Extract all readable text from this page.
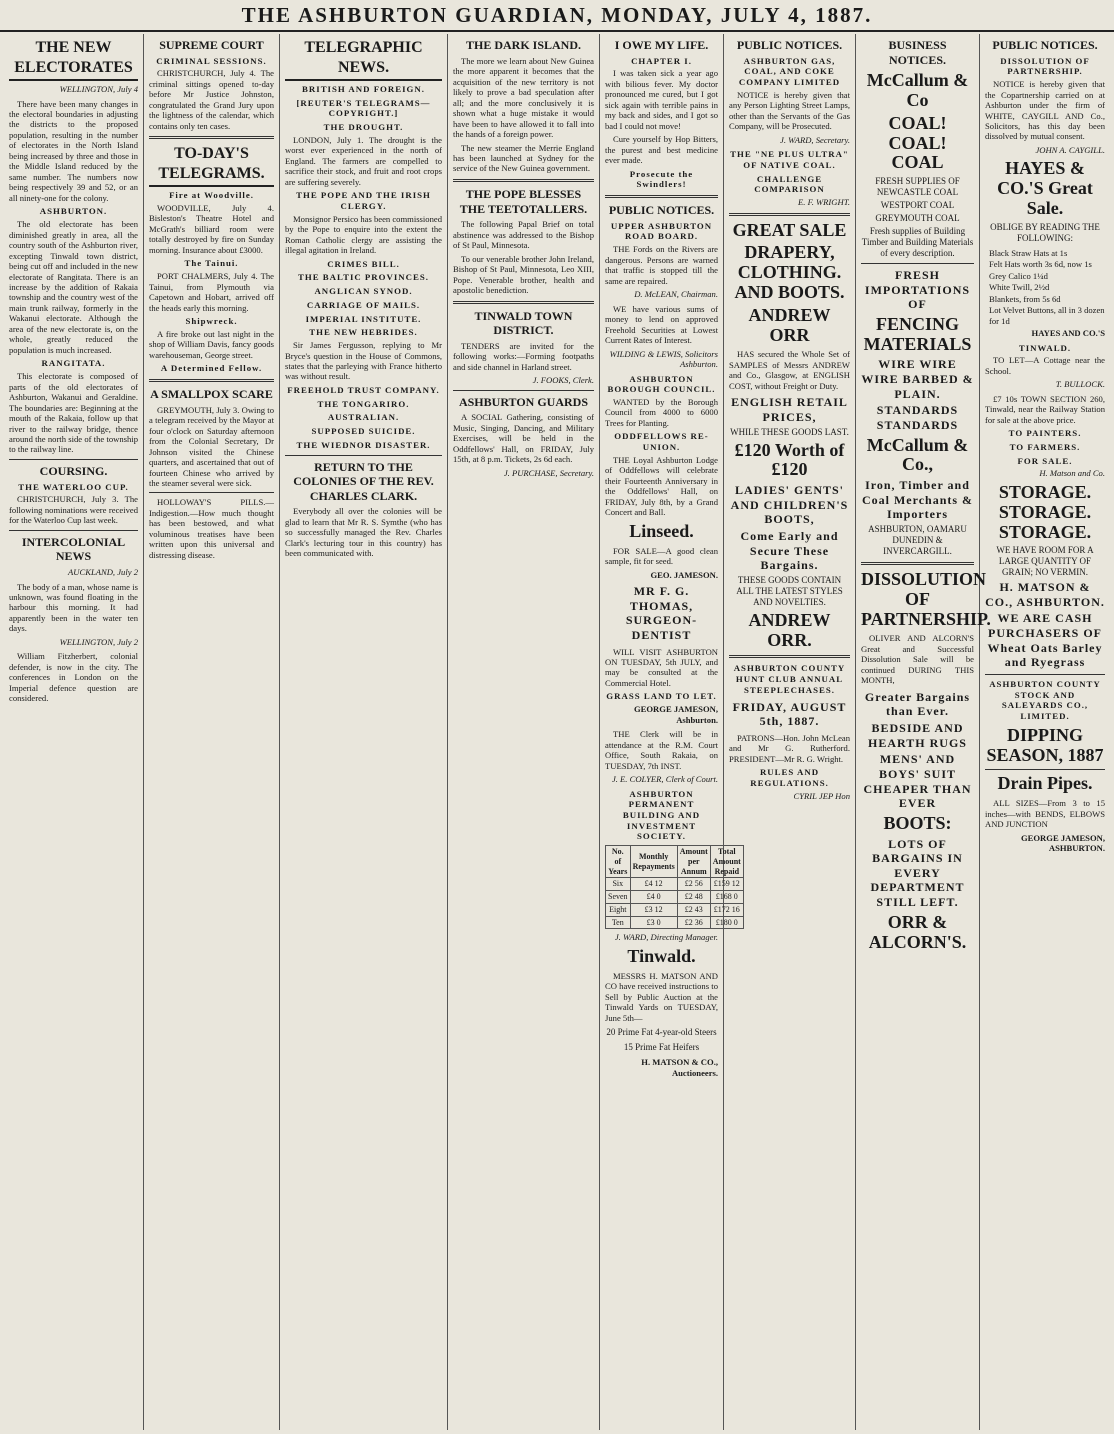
THE ASHBURTON GUARDIAN, MONDAY, JULY 4, 1887.
THE NEW ELECTORATES
WELLINGTON, July 4

There have been many changes in the electoral boundaries in adjusting the districts to the proposed population, resulting in the number of electorates in the North Island being increased by three and those in the Middle Island reduced by the same number. The numbers now being respectively 39 and 52, or an all ninety-one for the colony.

ASHBURTON.

The old electorate has been diminished greatly in area, all the country south of the Ashburton river, excepting Tinwald town district, being cut off and included in the new electorate of Rangitata. There is an increase by the addition of Rakaia township and the country west of the main trunk railway, formerly in the Wakanui electorate. Although the area of the new electorate is, on the whole, greatly reduced the population is much increased.

RANGITATA.

This electorate is composed of parts of the old electorates of Ashburton, Wakanui and Geraldine. The boundaries are: Beginning at the mouth of the Rakaia, follow up that river to the railway bridge, thence around the north side of the township to the railway line.

COURSING.
THE WATERLOO CUP.

CHRISTCHURCH, July 3. The following nominations were received for the Waterloo Cup last week.

INTERCOLONIAL NEWS
AUCKLAND, July 2

The body of a man, whose name is unknown, was found floating in the harbour this morning. It had apparently been in the water ten days.

WELLINGTON, July 2

William Fitzherbert, colonial defender, is now in the city. The conferences in London on the Imperial defence question are considered.

SUPREME COURT
CRIMINAL SESSIONS.

CHRISTCHURCH, July 4. The criminal sittings opened to-day before Mr Justice Johnston, congratulated the Grand Jury upon the lightness of the calendar, which contains only ten cases.

TO-DAY'S TELEGRAMS.
Fire at Woodville.

WOODVILLE, July 4. Bisleston's Theatre Hotel and McGrath's billiard room were totally destroyed by fire on Sunday morning. Insurance about £3000.

The Tainui.

PORT CHALMERS, July 4. The Tainui, from Plymouth via Capetown and Hobart, arrived off the heads early this morning.

Shipwreck.

A fire broke out last night in the shop of William Davis, fancy goods warehouseman, George street.

A Determined Fellow.
A SMALLPOX SCARE

GREYMOUTH, July 3. Owing to a telegram received by the Mayor at four o'clock on Saturday afternoon from the Colonial Secretary, Dr Johnson visited the Chinese quarters, and ascertained that out of fourteen Chinese who arrived by the steamer several were sick.

HOLLOWAY'S PILLS.—Indigestion.—How much thought has been bestowed, and what voluminous treatises have been written upon this universal and distressing disease.

TELEGRAPHIC NEWS.
BRITISH AND FOREIGN.
[REUTER'S TELEGRAMS—COPYRIGHT.]
THE DROUGHT.

LONDON, July 1. The drought is the worst ever experienced in the north of England. The farmers are compelled to sacrifice their stock, and fruit and root crops are suffering severely.

THE POPE AND THE IRISH CLERGY.

Monsignor Persico has been commissioned by the Pope to enquire into the extent the Roman Catholic clergy are assisting the illegal agitation in Ireland.

CRIMES BILL.
THE BALTIC PROVINCES.
ANGLICAN SYNOD.
CARRIAGE OF MAILS.
IMPERIAL INSTITUTE.
THE NEW HEBRIDES.

Sir James Fergusson, replying to Mr Bryce's question in the House of Commons, states that the parleying with France hitherto was without result.

FREEHOLD TRUST COMPANY.
THE TONGARIRO.
AUSTRALIAN.
SUPPOSED SUICIDE.
THE WIEDNOR DISASTER.
RETURN TO THE COLONIES OF THE REV. CHARLES CLARK.

Everybody all over the colonies will be glad to learn that Mr R. S. Symthe (who has so successfully managed the Rev. Charles Clark's lecturing tour in this country) has been communicated with.

THE DARK ISLAND.

The more we learn about New Guinea the more apparent it becomes that the acquisition of the new territory is not likely to prove a bad speculation after all; and the more conclusively it is shown what a huge mistake it would have been to have allowed it to fall into the hands of a foreign power.

The new steamer the Merrie England has been launched at Sydney for the service of the New Guinea government.

THE POPE BLESSES THE TEETOTALLERS.

The following Papal Brief on total abstinence was addressed to the Bishop of St Paul, Minnesota.

To our venerable brother John Ireland, Bishop of St Paul, Minnesota, Leo XIII, Pope. Venerable brother, health and apostolic benediction.

TINWALD TOWN DISTRICT.

TENDERS are invited for the following works:—Forming footpaths and side channel in Harland street.

J. FOOKS, Clerk.
ASHBURTON GUARDS

A SOCIAL Gathering, consisting of Music, Singing, Dancing, and Military Exercises, will be held in the Oddfellows' Hall, on FRIDAY, July 15th, at 8 p.m. Tickets, 2s 6d each.

J. PURCHASE, Secretary.
I OWE MY LIFE.
CHAPTER I.

I was taken sick a year ago with bilious fever. My doctor pronounced me cured, but I got sick again with terrible pains in my back and sides, and I got so bad I could not move!

Cure yourself by Hop Bitters, the purest and best medicine ever made.

Prosecute the Swindlers!
PUBLIC NOTICES.
UPPER ASHBURTON ROAD BOARD.

THE Fords on the Rivers are dangerous. Persons are warned that traffic is stopped till the same are repaired.

D. McLEAN, Chairman.

WE have various sums of money to lend on approved Freehold Securities at Lowest Current Rates of Interest.

WILDING & LEWIS, Solicitors Ashburton.
ASHBURTON BOROUGH COUNCIL.

WANTED by the Borough Council from 4000 to 6000 Trees for Planting.

ODDFELLOWS RE-UNION.

THE Loyal Ashburton Lodge of Oddfellows will celebrate their Fourteenth Anniversary in the Oddfellows' Hall, on FRIDAY, July 8th, by a Grand Concert and Ball.

Linseed.

FOR SALE—A good clean sample, fit for seed.

GEO. JAMESON.
MR F. G. THOMAS, SURGEON-DENTIST

WILL VISIT ASHBURTON ON TUESDAY, 5th JULY, and may be consulted at the Commercial Hotel.

GRASS LAND TO LET.
GEORGE JAMESON, Ashburton.

THE Clerk will be in attendance at the R.M. Court Office, South Rakaia, on TUESDAY, 7th INST.

J. E. COLYER, Clerk of Court.
ASHBURTON PERMANENT BUILDING AND INVESTMENT SOCIETY.
No. of Years	Monthly Repayments	Amount per Annum	Total Amount Repaid
Six	£4 12	£2 56	£159 12
Seven	£4 0	£2 48	£168 0
Eight	£3 12	£2 43	£172 16
Ten	£3 0	£2 36	£180 0
J. WARD, Directing Manager.
Tinwald.

MESSRS H. MATSON AND CO have received instructions to Sell by Public Auction at the Tinwald Yards on TUESDAY, June 5th—

20 Prime Fat 4-year-old Steers
15 Prime Fat Heifers
H. MATSON & CO., Auctioneers.
PUBLIC NOTICES.
ASHBURTON GAS, COAL, AND COKE COMPANY LIMITED

NOTICE is hereby given that any Person Lighting Street Lamps, other than the Servants of the Gas Company, will be Prosecuted.

J. WARD, Secretary.
THE "NE PLUS ULTRA" OF NATIVE COAL.
CHALLENGE COMPARISON
E. F. WRIGHT.
GREAT SALE
DRAPERY, CLOTHING. AND BOOTS.
ANDREW ORR

HAS secured the Whole Set of SAMPLES of Messrs ANDREW and Co., Glasgow, at ENGLISH COST, without Freight or Duty.

ENGLISH RETAIL PRICES,
WHILE THESE GOODS LAST.
£120 Worth of £120
LADIES' GENTS' AND CHILDREN'S BOOTS,
Come Early and Secure These Bargains.
THESE GOODS CONTAIN ALL THE LATEST STYLES AND NOVELTIES.
ANDREW ORR.
ASHBURTON COUNTY HUNT CLUB ANNUAL STEEPLECHASES.
FRIDAY, AUGUST 5th, 1887.

PATRONS—Hon. John McLean and Mr G. Rutherford. PRESIDENT—Mr R. G. Wright.

RULES AND REGULATIONS.
CYRIL JEP Hon
BUSINESS NOTICES.
McCallum & Co
COAL! COAL! COAL
FRESH SUPPLIES OF NEWCASTLE COAL
WESTPORT COAL
GREYMOUTH COAL
Fresh supplies of Building Timber and Building Materials of every description.
FRESH IMPORTATIONS OF
FENCING MATERIALS
WIRE WIRE WIRE BARBED & PLAIN.
STANDARDS STANDARDS
McCallum & Co.,
Iron, Timber and Coal Merchants & Importers
ASHBURTON, OAMARU DUNEDIN & INVERCARGILL.
DISSOLUTION OF PARTNERSHIP.

OLIVER AND ALCORN'S Great and Successful Dissolution Sale will be continued DURING THIS MONTH,

Greater Bargains than Ever.
BEDSIDE AND HEARTH RUGS
MENS' AND BOYS' SUIT CHEAPER THAN EVER
BOOTS:
LOTS OF BARGAINS IN EVERY DEPARTMENT STILL LEFT.
ORR & ALCORN'S.
PUBLIC NOTICES.
DISSOLUTION OF PARTNERSHIP.

NOTICE is hereby given that the Copartnership carried on at Ashburton under the firm of WHITE, CAYGILL AND Co., Solicitors, has this day been dissolved by mutual consent.

JOHN A. CAYGILL.
HAYES & CO.'S Great Sale.
OBLIGE BY READING THE FOLLOWING:
Black Straw Hats at 1s
Felt Hats worth 3s 6d, now 1s
Grey Calico 1¼d
White Twill, 2½d
Blankets, from 5s 6d
Lot Velvet Buttons, all in 3 dozen for 1d
HAYES AND CO.'S
TINWALD.

TO LET—A Cottage near the School.

T. BULLOCK.

£7 10s TOWN SECTION 260, Tinwald, near the Railway Station for sale at the above price.

TO PAINTERS.
TO FARMERS.
FOR SALE.
H. Matson and Co.
STORAGE. STORAGE. STORAGE.
WE HAVE ROOM FOR A LARGE QUANTITY OF GRAIN; NO VERMIN.
H. MATSON & CO., ASHBURTON.
WE ARE CASH PURCHASERS OF Wheat Oats Barley and Ryegrass
ASHBURTON COUNTY STOCK AND SALEYARDS CO., LIMITED.
DIPPING SEASON, 1887
Drain Pipes.

ALL SIZES—From 3 to 15 inches—with BENDS, ELBOWS AND JUNCTION

GEORGE JAMESON, ASHBURTON.
